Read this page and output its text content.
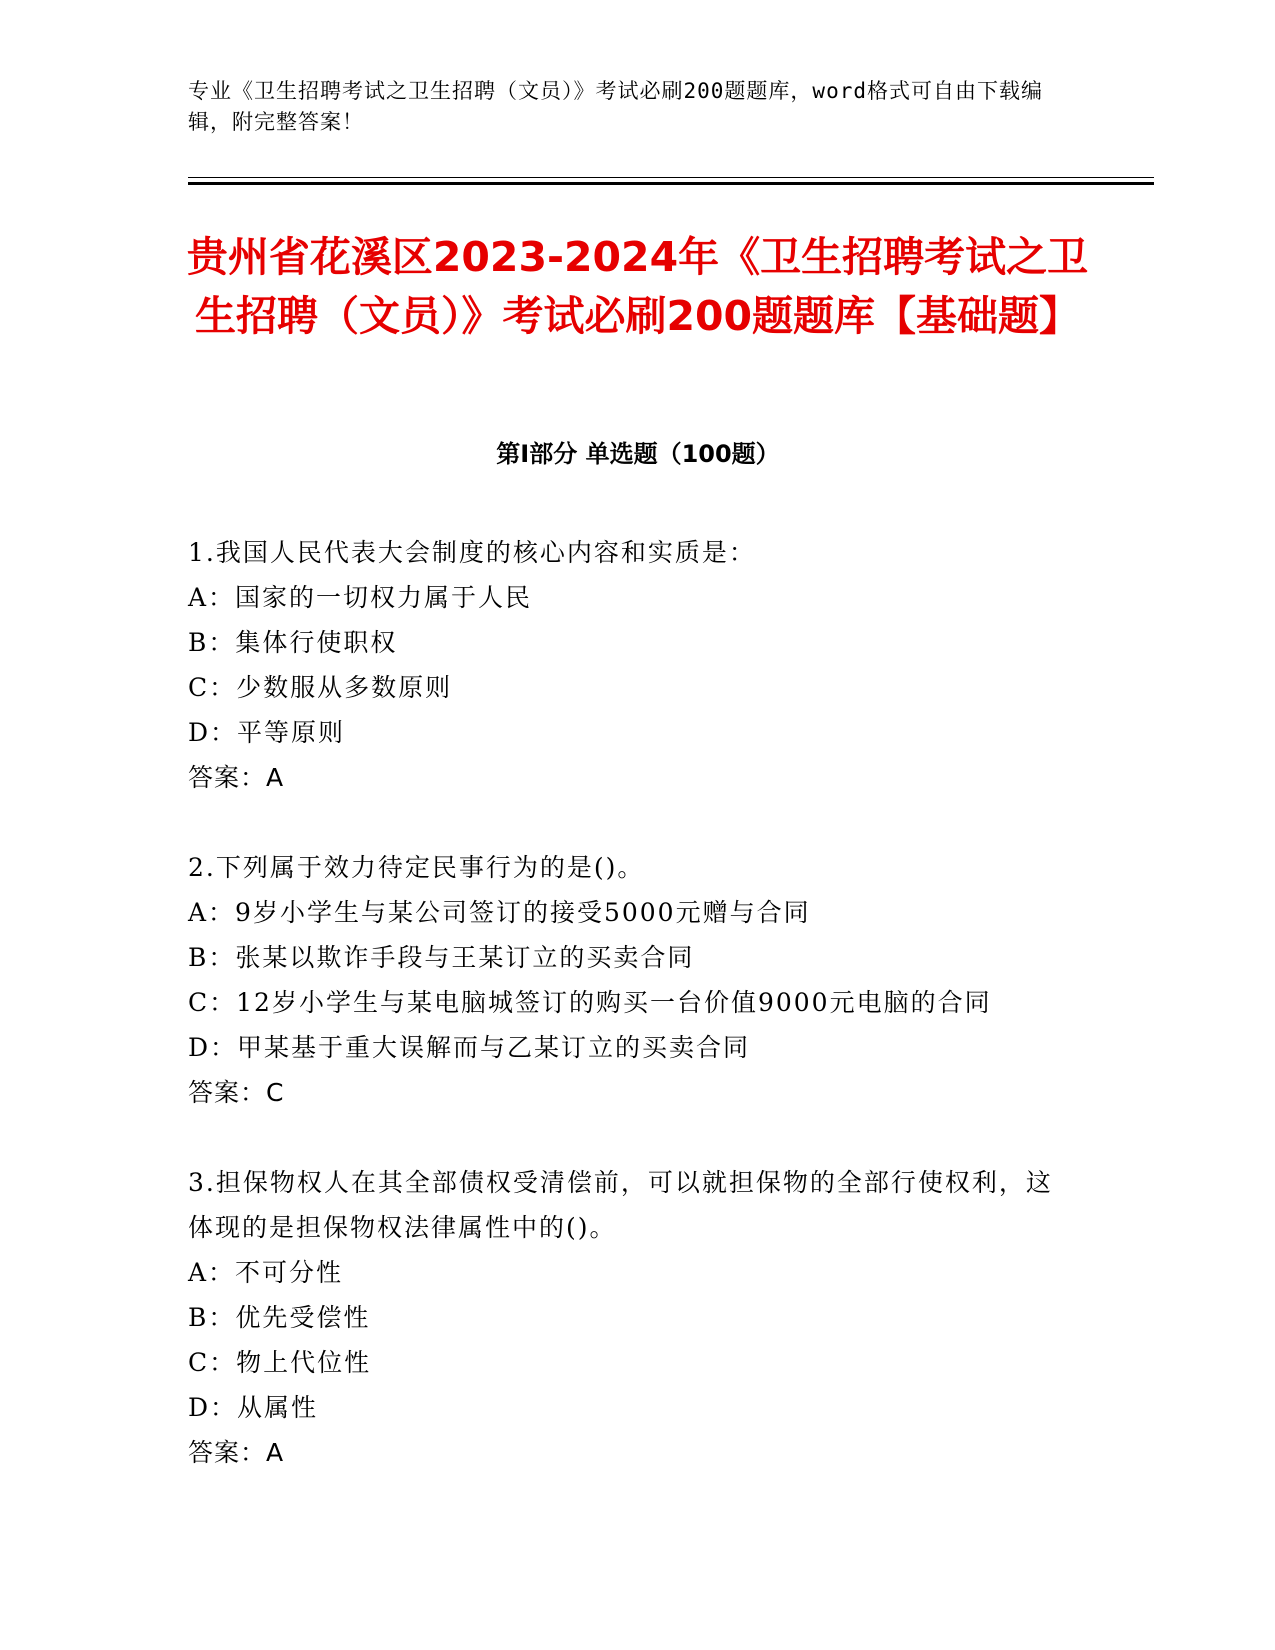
专业《卫生招聘考试之卫生招聘（文员）》考试必刷200题题库，word格式可自由下载编辑，附完整答案！
贵州省花溪区2023-2024年《卫生招聘考试之卫生招聘（文员）》考试必刷200题题库【基础题】
第Ⅰ部分 单选题（100题）
1.我国人民代表大会制度的核心内容和实质是：
A：国家的一切权力属于人民
B：集体行使职权
C：少数服从多数原则
D：平等原则
答案：A
2.下列属于效力待定民事行为的是()。
A：9岁小学生与某公司签订的接受5000元赠与合同
B：张某以欺诈手段与王某订立的买卖合同
C：12岁小学生与某电脑城签订的购买一台价值9000元电脑的合同
D：甲某基于重大误解而与乙某订立的买卖合同
答案：C
3.担保物权人在其全部债权受清偿前，可以就担保物的全部行使权利，这体现的是担保物权法律属性中的()。
A：不可分性
B：优先受偿性
C：物上代位性
D：从属性
答案：A
